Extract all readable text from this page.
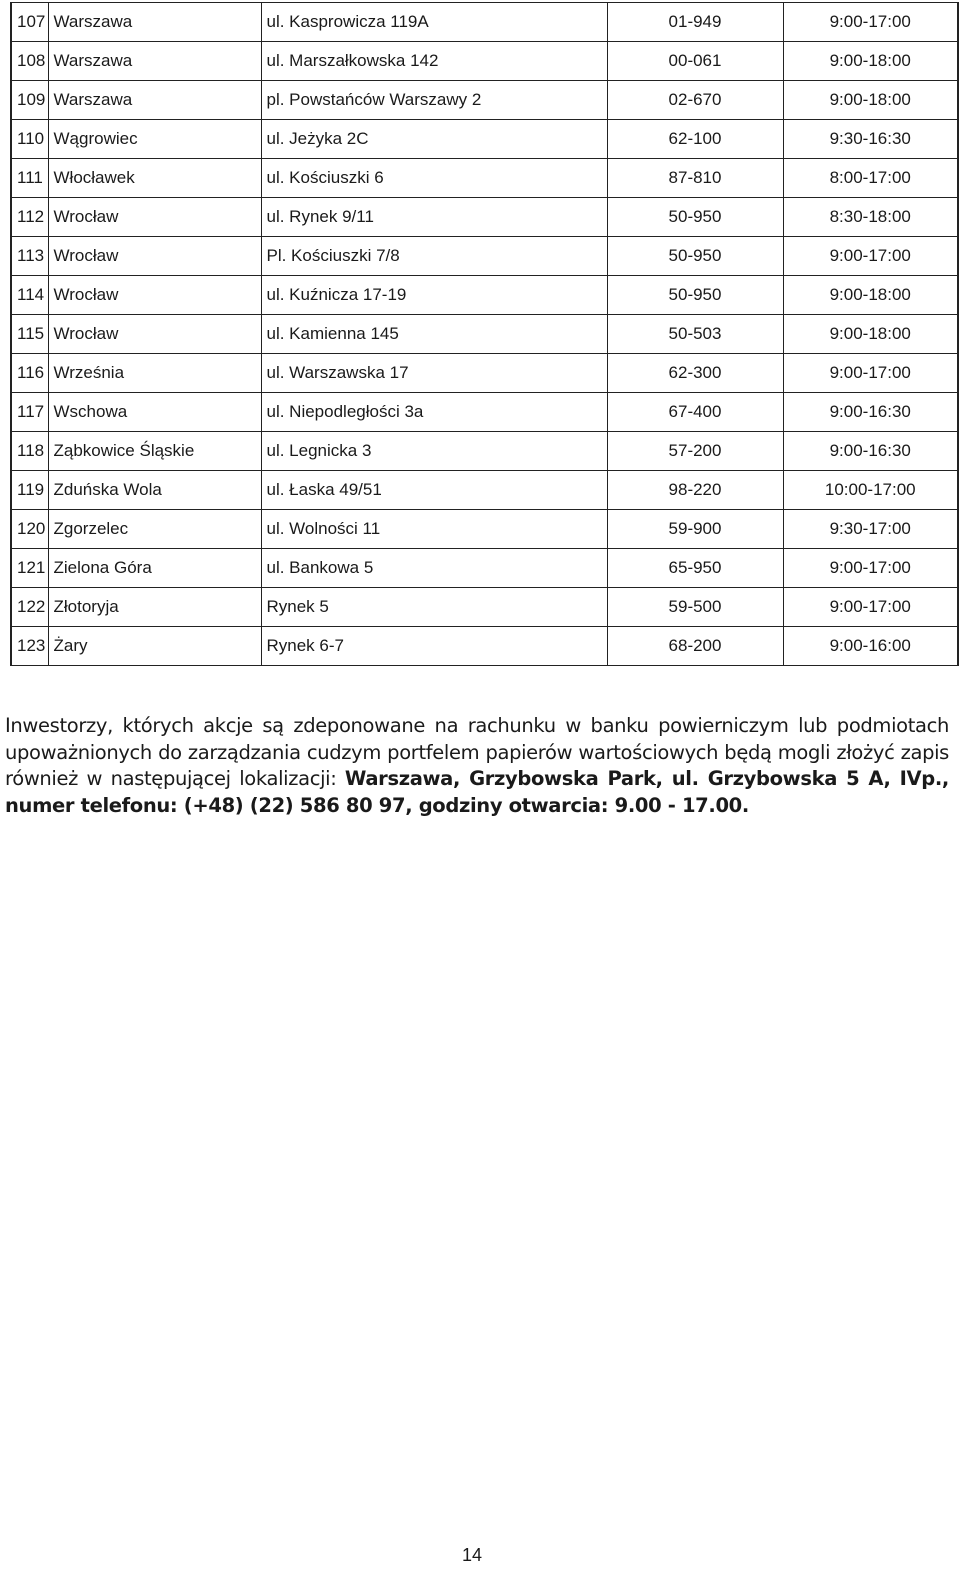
107	Warszawa	ul. Kasprowicza 119A	01-949	9:00-17:00
108	Warszawa	ul. Marszałkowska 142	00-061	9:00-18:00
109	Warszawa	pl. Powstańców Warszawy 2	02-670	9:00-18:00
110	Wągrowiec	ul. Jeżyka 2C	62-100	9:30-16:30
111	Włocławek	ul. Kościuszki 6	87-810	8:00-17:00
112	Wrocław	ul. Rynek 9/11	50-950	8:30-18:00
113	Wrocław	Pl. Kościuszki 7/8	50-950	9:00-17:00
114	Wrocław	ul. Kuźnicza 17-19	50-950	9:00-18:00
115	Wrocław	ul. Kamienna 145	50-503	9:00-18:00
116	Września	ul. Warszawska 17	62-300	9:00-17:00
117	Wschowa	ul. Niepodległości 3a	67-400	9:00-16:30
118	Ząbkowice Śląskie	ul. Legnicka 3	57-200	9:00-16:30
119	Zduńska Wola	ul. Łaska 49/51	98-220	10:00-17:00
120	Zgorzelec	ul. Wolności 11	59-900	9:30-17:00
121	Zielona Góra	ul. Bankowa 5	65-950	9:00-17:00
122	Złotoryja	Rynek 5	59-500	9:00-17:00
123	Żary	Rynek 6-7	68-200	9:00-16:00

Inwestorzy, których akcje są zdeponowane na rachunku w banku powierniczym lub podmiotach upoważnionych do zarządzania cudzym portfelem papierów wartościowych będą mogli złożyć zapis również w następującej lokalizacji: Warszawa, Grzybowska Park, ul. Grzybowska 5 A, IVp., numer telefonu: (+48) (22) 586 80 97, godziny otwarcia: 9.00 - 17.00.

14
